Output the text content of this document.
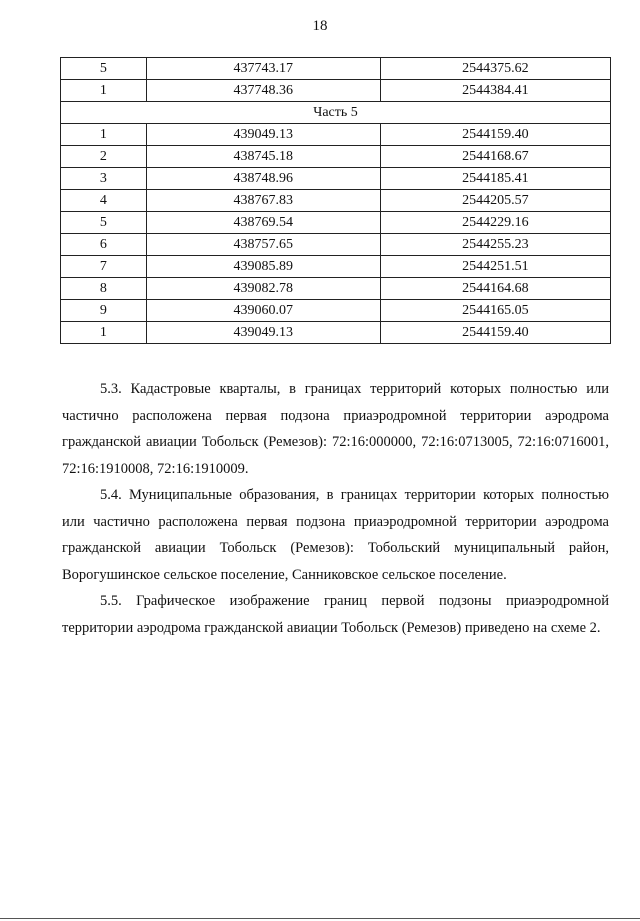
18
5	437743.17	2544375.62
1	437748.36	2544384.41
Часть 5		
1	439049.13	2544159.40
2	438745.18	2544168.67
3	438748.96	2544185.41
4	438767.83	2544205.57
5	438769.54	2544229.16
6	438757.65	2544255.23
7	439085.89	2544251.51
8	439082.78	2544164.68
9	439060.07	2544165.05
1	439049.13	2544159.40

5.3. Кадастровые кварталы, в границах территорий которых полностью или частично расположена первая подзона приаэродромной территории аэродрома гражданской авиации Тобольск (Ремезов): 72:16:000000, 72:16:0713005, 72:16:0716001, 72:16:1910008, 72:16:1910009.

5.4. Муниципальные образования, в границах территории которых полностью или частично расположена первая подзона приаэродромной территории аэродрома гражданской авиации Тобольск (Ремезов): Тобольский муниципальный район, Ворогушинское сельское поселение, Санниковское сельское поселение.

5.5. Графическое изображение границ первой подзоны приаэродромной территории аэродрома гражданской авиации Тобольск (Ремезов) приведено на схеме 2.
